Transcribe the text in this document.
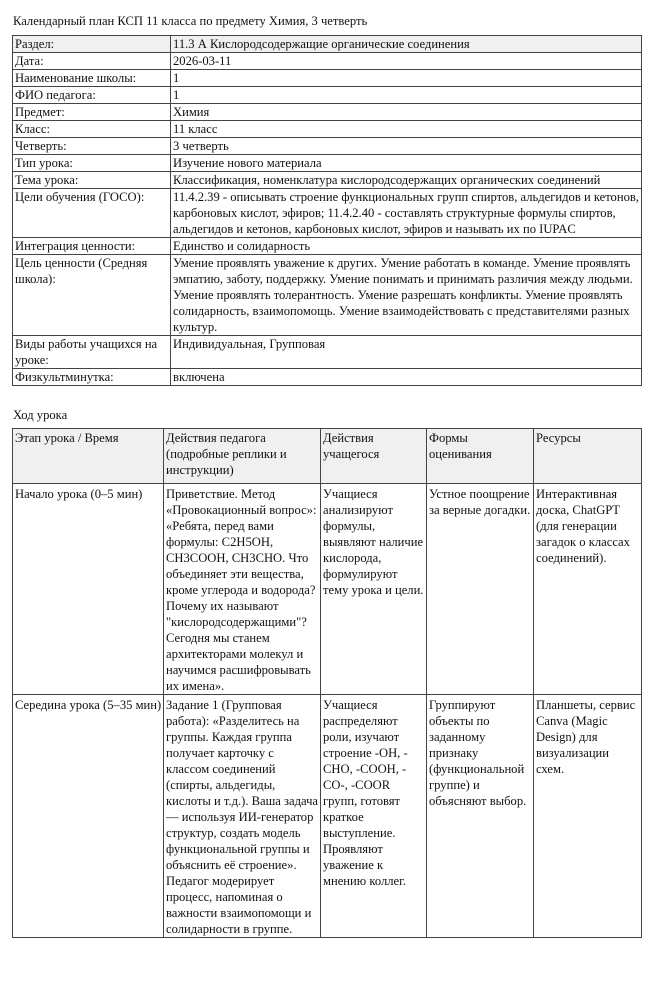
Календарный план КСП 11 класса по предмету Химия, 3 четверть
Раздел:	11.3 А Кислородсодержащие органические соединения
Дата:	2026-03-11
Наименование школы:	1
ФИО педагога:	1
Предмет:	Химия
Класс:	11 класс
Четверть:	3 четверть
Тип урока:	Изучение нового материала
Тема урока:	Классификация, номенклатура кислородсодержащих органических соединений
Цели обучения (ГОСО):	11.4.2.39 - описывать строение функциональных групп спиртов, альдегидов и кетонов, карбоновых кислот, эфиров; 11.4.2.40 - составлять структурные формулы спиртов, альдегидов и кетонов, карбоновых кислот, эфиров и называть их по IUPAC
Интеграция ценности:	Единство и солидарность
Цель ценности (Средняя школа):	Умение проявлять уважение к других. Умение работать в команде. Умение проявлять эмпатию, заботу, поддержку. Умение понимать и принимать различия между людьми. Умение проявлять толерантность. Умение разрешать конфликты. Умение проявлять солидарность, взаимопомощь. Умение взаимодействовать с представителями разных культур.
Виды работы учащихся на уроке:	Индивидуальная, Групповая
Физкультминутка:	включена
Ход урока
Этап урока / Время	Действия педагога (подробные реплики и инструкции)	Действия учащегося	Формы оценивания	Ресурсы
Начало урока (0–5 мин)	Приветствие. Метод «Провокационный вопрос»: «Ребята, перед вами формулы: C2H5OH, CH3COOH, CH3CHO. Что объединяет эти вещества, кроме углерода и водорода? Почему их называют "кислородсодержащими"? Сегодня мы станем архитекторами молекул и научимся расшифровывать их имена».	Учащиеся анализируют формулы, выявляют наличие кислорода, формулируют тему урока и цели.	Устное поощрение за верные догадки.	Интерактивная доска, ChatGPT (для генерации загадок о классах соединений).
Середина урока (5–35 мин)	Задание 1 (Групповая работа): «Разделитесь на группы. Каждая группа получает карточку с классом соединений (спирты, альдегиды, кислоты и т.д.). Ваша задача — используя ИИ-генератор структур, создать модель функциональной группы и объяснить её строение». Педагог модерирует процесс, напоминая о важности взаимопомощи и солидарности в группе.	Учащиеся распределяют роли, изучают строение -OH, -CHO, -COOH, -CO-, -COOR групп, готовят краткое выступление. Проявляют уважение к мнению коллег.	Группируют объекты по заданному признаку (функциональной группе) и объясняют выбор.	Планшеты, сервис Canva (Magic Design) для визуализации схем.
